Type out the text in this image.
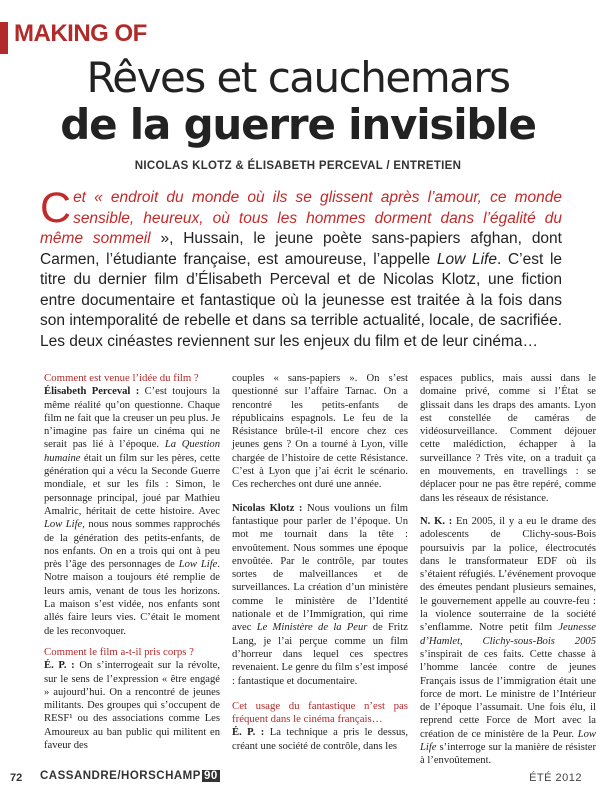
MAKING OF
Rêves et cauchemars
de la guerre invisible
NICOLAS KLOTZ & ÉLISABETH PERCEVAL / ENTRETIEN
Cet « endroit du monde où ils se glissent après l’amour, ce monde sensible, heureux, où tous les hommes dorment dans l’égalité du même sommeil », Hussain, le jeune poète sans-papiers afghan, dont Carmen, l’étudiante française, est amoureuse, l’appelle Low Life. C’est le titre du dernier film d’Élisabeth Perceval et de Nicolas Klotz, une fiction entre documentaire et fantastique où la jeunesse est traitée à la fois dans son intemporalité de rebelle et dans sa terrible actualité, locale, de sacrifiée. Les deux cinéastes reviennent sur les enjeux du film et de leur cinéma…

Comment est venue l’idée du film ?

Élisabeth Perceval : C’est toujours la même réalité qu’on questionne. Chaque film ne fait que la creuser un peu plus. Je n’imagine pas faire un cinéma qui ne serait pas lié à l’époque. La Question humaine était un film sur les pères, cette génération qui a vécu la Seconde Guerre mondiale, et sur les fils : Simon, le personnage principal, joué par Mathieu Amalric, héritait de cette histoire. Avec Low Life, nous nous sommes rapprochés de la génération des petits-enfants, de nos enfants. On en a trois qui ont à peu près l’âge des personnages de Low Life. Notre maison a toujours été remplie de leurs amis, venant de tous les horizons. La maison s’est vidée, nos enfants sont allés faire leurs vies. C’était le moment de les reconvoquer.

Comment le film a-t-il pris corps ?

É. P. : On s’interrogeait sur la révolte, sur le sens de l’expression « être engagé » aujourd’hui. On a rencontré de jeunes militants. Des groupes qui s’occupent de RESF¹ ou des associations comme Les Amoureux au ban public qui militent en faveur des

couples « sans-papiers ». On s’est questionné sur l’affaire Tarnac. On a rencontré les petits-enfants de républicains espagnols. Le feu de la Résistance brûle-t-il encore chez ces jeunes gens ? On a tourné à Lyon, ville chargée de l’histoire de cette Résistance. C’est à Lyon que j’ai écrit le scénario. Ces recherches ont duré une année.

Nicolas Klotz : Nous voulions un film fantastique pour parler de l’époque. Un mot me tournait dans la tête : envoûtement. Nous sommes une époque envoûtée. Par le contrôle, par toutes sortes de malveillances et de surveillances. La création d’un ministère comme le ministère de l’Identité nationale et de l’Immigration, qui rime avec Le Ministère de la Peur de Fritz Lang, je l’ai perçue comme un film d’horreur dans lequel ces spectres revenaient. Le genre du film s’est imposé : fantastique et documentaire.

Cet usage du fantastique n’est pas fréquent dans le cinéma français…

É. P. : La technique a pris le dessus, créant une société de contrôle, dans les

espaces publics, mais aussi dans le domaine privé, comme si l’État se glissait dans les draps des amants. Lyon est constellée de caméras de vidéosurveillance. Comment déjouer cette malédiction, échapper à la surveillance ? Très vite, on a traduit ça en mouvements, en travellings : se déplacer pour ne pas être repéré, comme dans les réseaux de résistance.

N. K. : En 2005, il y a eu le drame des adolescents de Clichy-sous-Bois poursuivis par la police, électrocutés dans le transformateur EDF où ils s’étaient réfugiés. L’événement provoque des émeutes pendant plusieurs semaines, le gouvernement appelle au couvre-feu : la violence souterraine de la société s’enflamme. Notre petit film Jeunesse d’Hamlet, Clichy-sous-Bois 2005 s’inspirait de ces faits. Cette chasse à l’homme lancée contre de jeunes Français issus de l’immigration était une force de mort. Le ministre de l’Intérieur de l’époque l’assumait. Une fois élu, il reprend cette Force de Mort avec la création de ce ministère de la Peur. Low Life s’interroge sur la manière de résister à l’envoûtement.

72 CASSANDRE/HORSCHAMP 90	ÉTÉ 2012
